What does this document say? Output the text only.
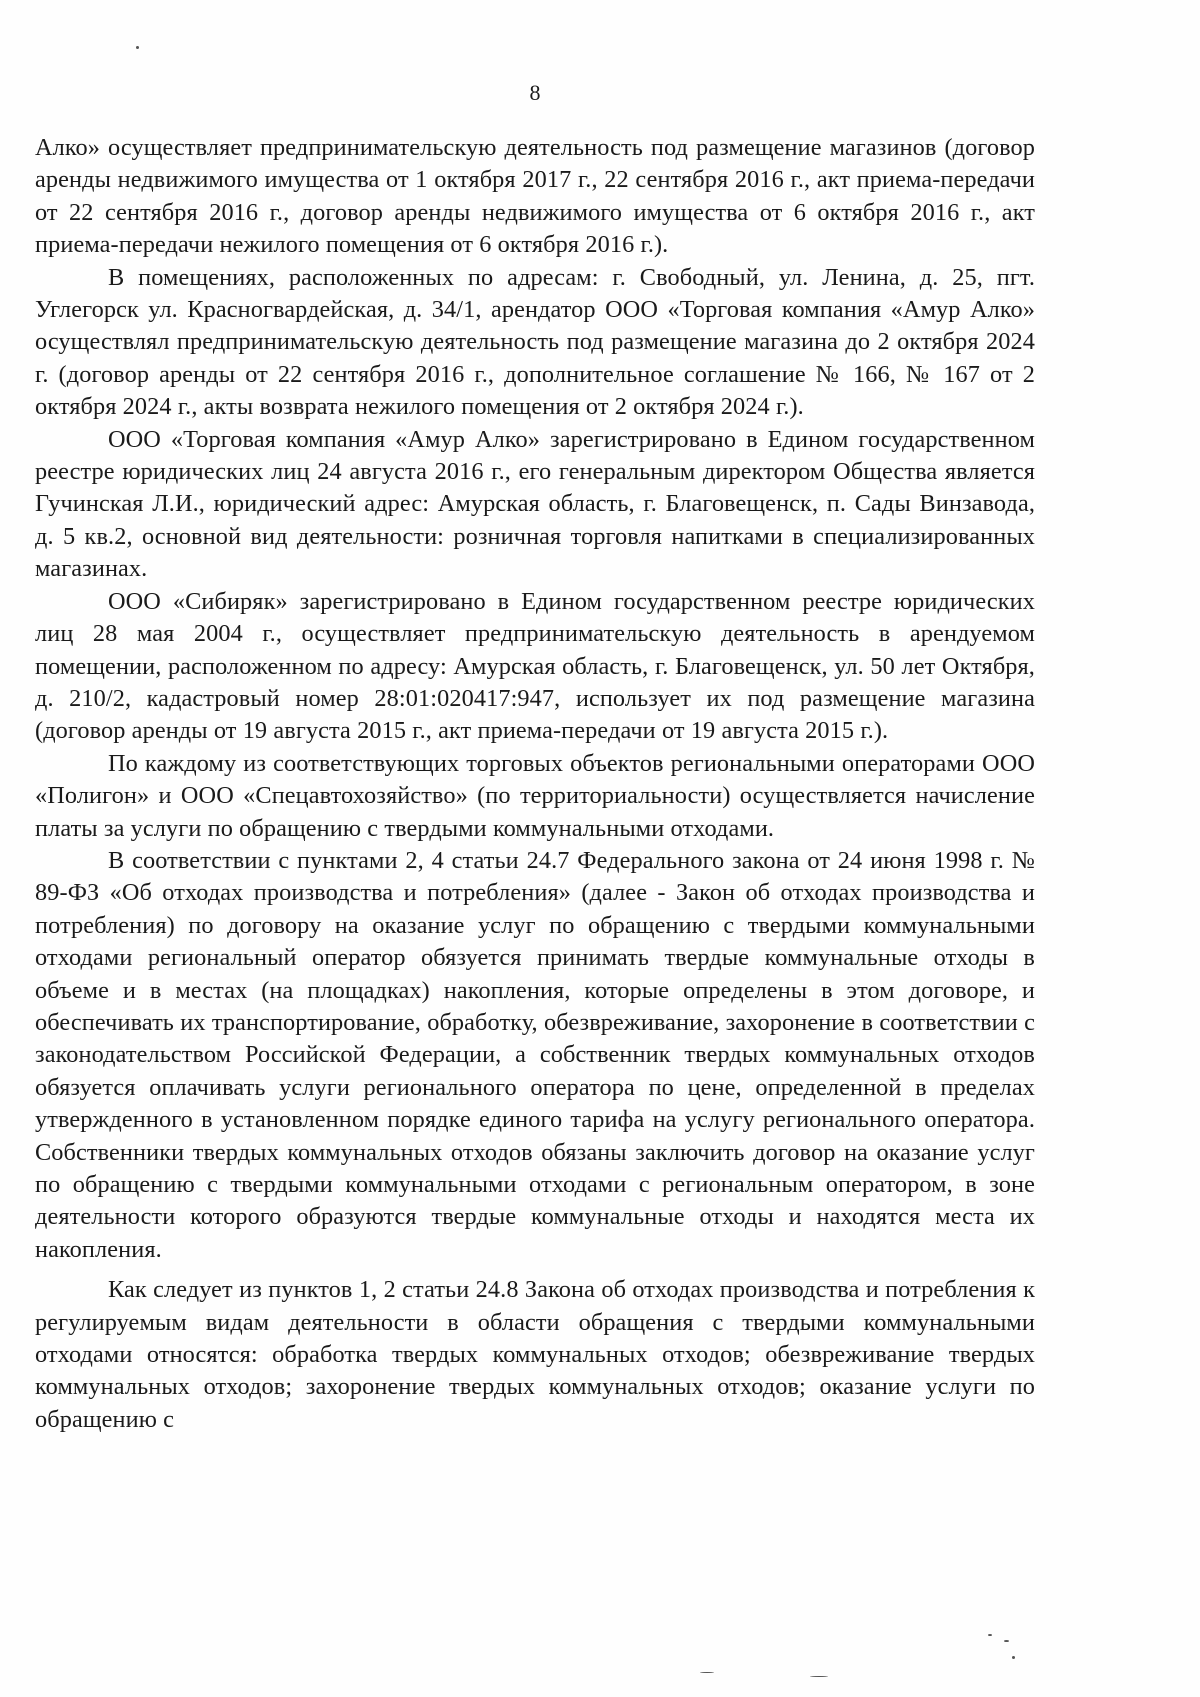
8

Алко» осуществляет предпринимательскую деятельность под размещение магазинов (договор аренды недвижимого имущества от 1 октября 2017 г., 22 сентября 2016 г., акт приема-передачи от 22 сентября 2016 г., договор аренды недвижимого имущества от 6 октября 2016 г., акт приема-передачи нежилого помещения от 6 октября 2016 г.).

В помещениях, расположенных по адресам: г. Свободный, ул. Ленина, д. 25, пгт. Углегорск ул. Красногвардейская, д. 34/1, арендатор ООО «Торговая компания «Амур Алко» осуществлял предпринимательскую деятельность под размещение магазина до 2 октября 2024 г. (договор аренды от 22 сентября 2016 г., дополнительное соглашение № 166, № 167 от 2 октября 2024 г., акты возврата нежилого помещения от 2 октября 2024 г.).

ООО «Торговая компания «Амур Алко» зарегистрировано в Едином государственном реестре юридических лиц 24 августа 2016 г., его генеральным директором Общества является Гучинская Л.И., юридический адрес: Амурская область, г. Благовещенск, п. Сады Винзавода, д. 5 кв.2, основной вид деятельности: розничная торговля напитками в специализированных магазинах.

ООО «Сибиряк» зарегистрировано в Едином государственном реестре юридических лиц 28 мая 2004 г., осуществляет предпринимательскую деятельность в арендуемом помещении, расположенном по адресу: Амурская область, г. Благовещенск, ул. 50 лет Октября, д. 210/2, кадастровый номер 28:01:020417:947, использует их под размещение магазина (договор аренды от 19 августа 2015 г., акт приема-передачи от 19 августа 2015 г.).

По каждому из соответствующих торговых объектов региональными операторами ООО «Полигон» и ООО «Спецавтохозяйство» (по территориальности) осуществляется начисление платы за услуги по обращению с твердыми коммунальными отходами.

В соответствии с пунктами 2, 4 статьи 24.7 Федерального закона от 24 июня 1998 г. № 89-ФЗ «Об отходах производства и потребления» (далее - Закон об отходах производства и потребления) по договору на оказание услуг по обращению с твердыми коммунальными отходами региональный оператор обязуется принимать твердые коммунальные отходы в объеме и в местах (на площадках) накопления, которые определены в этом договоре, и обеспечивать их транспортирование, обработку, обезвреживание, захоронение в соответствии с законодательством Российской Федерации, а собственник твердых коммунальных отходов обязуется оплачивать услуги регионального оператора по цене, определенной в пределах утвержденного в установленном порядке единого тарифа на услугу регионального оператора. Собственники твердых коммунальных отходов обязаны заключить договор на оказание услуг по обращению с твердыми коммунальными отходами с региональным оператором, в зоне деятельности которого образуются твердые коммунальные отходы и находятся места их накопления.

Как следует из пунктов 1, 2 статьи 24.8 Закона об отходах производства и потребления к регулируемым видам деятельности в области обращения с твердыми коммунальными отходами относятся: обработка твердых коммунальных отходов; обезвреживание твердых коммунальных отходов; захоронение твердых коммунальных отходов; оказание услуги по обращению с
